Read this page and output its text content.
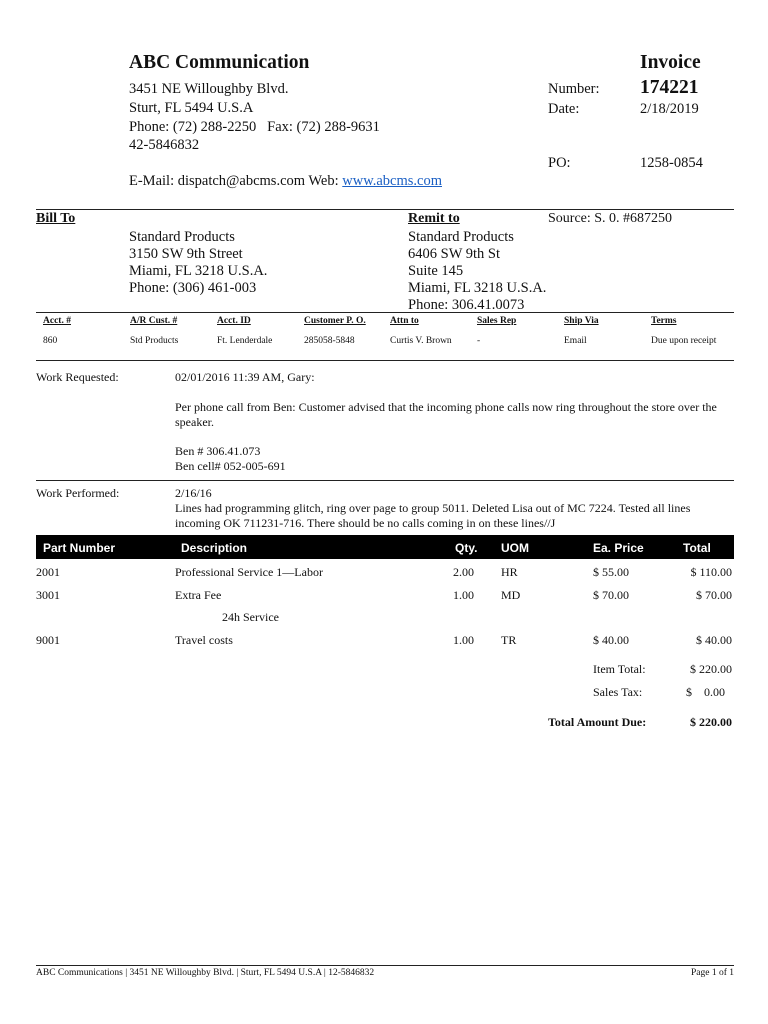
ABC Communication
3451 NE Willoughby Blvd.
Sturt, FL 5494 U.S.A
Phone: (72) 288-2250   Fax: (72) 288-9631
42-5846832
E-Mail: dispatch@abcms.com Web: www.abcms.com
Invoice
Number: 174221
Date:	2/18/2019
PO:	1258-0854
Bill To
Standard Products
3150 SW 9th Street
Miami, FL 3218 U.S.A.
Phone: (306) 461-003
Remit to
Standard Products
6406 SW 9th St
Suite 145
Miami, FL 3218 U.S.A.
Phone: 306.41.0073
Source: S. 0. #687250
Acct. #	A/R Cust. #	Acct. ID	Customer P. O.	Attn to	Sales Rep	Ship Via	Terms
860	Std Products	Ft. Lenderdale	285058-5848	Curtis V. Brown	-	Email	Due upon receipt
Work Requested:	02/01/2016 11:39 AM, Gary:
Per phone call from Ben: Customer advised that the incoming phone calls now ring throughout the store over the speaker.
Ben # 306.41.073
Ben cell# 052-005-691
Work Performed:	2/16/16
Lines had programming glitch, ring over page to group 5011. Deleted Lisa out of MC 7224. Tested all lines incoming OK 711231-716. There should be no calls coming in on these lines//J
Part Number	Description	Qty. UOM	Ea. Price	Total
2001	Professional Service 1—Labor	2.00 HR	$ 55.00	$ 110.00
3001	Extra Fee	1.00 MD	$ 70.00	$ 70.00
24h Service
9001	Travel costs	1.00 TR	$ 40.00	$ 40.00
Item Total:	$ 220.00
Sales Tax:	$    0.00
Total Amount Due:	$ 220.00
ABC Communications | 3451 NE Willoughby Blvd. | Sturt, FL 5494 U.S.A | 12-5846832	Page 1 of 1
